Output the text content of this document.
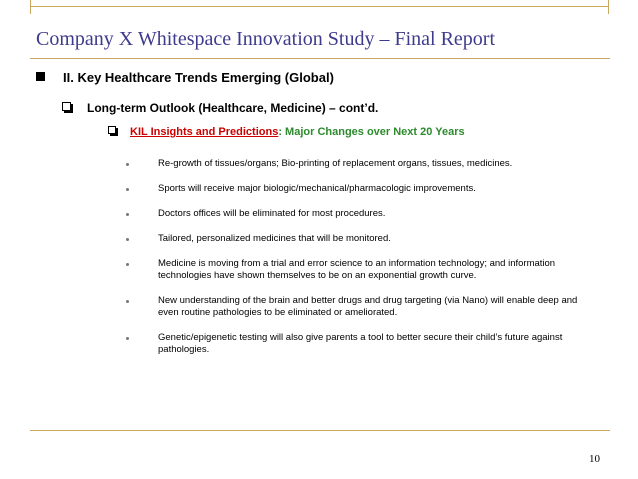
Company X Whitespace Innovation Study – Final Report
II. Key Healthcare Trends Emerging (Global)
Long-term Outlook (Healthcare, Medicine) – cont’d.
KIL Insights and Predictions: Major Changes over Next 20 Years
Re-growth of tissues/organs; Bio-printing of replacement organs, tissues, medicines.
Sports will receive major biologic/mechanical/pharmacologic improvements.
Doctors offices will be eliminated for most procedures.
Tailored, personalized medicines that will be monitored.
Medicine is moving from a trial and error science to an information technology; and information technologies have shown themselves to be on an exponential growth curve.
New understanding of the brain and better drugs and drug targeting (via Nano) will enable deep and even routine pathologies to be eliminated or ameliorated.
Genetic/epigenetic testing will also give parents a tool to better secure their child’s future against pathologies.
10
